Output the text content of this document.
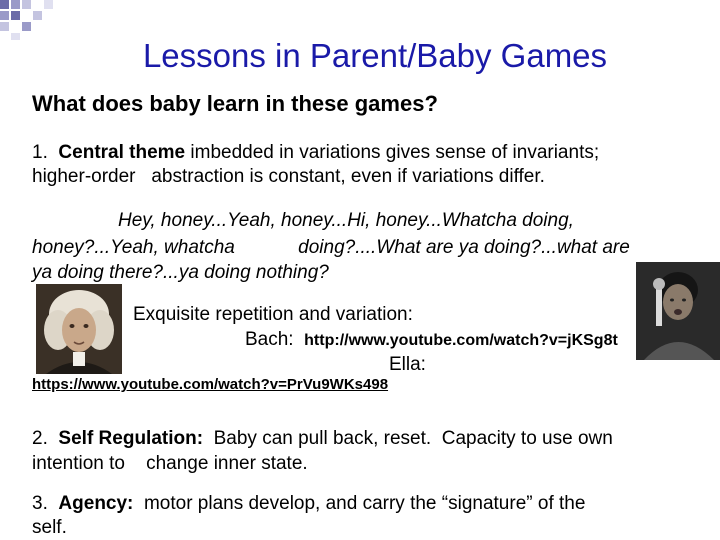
Lessons in Parent/Baby Games
What does baby learn in these games?
1. Central theme imbedded in variations gives sense of invariants;
higher-order   abstraction is constant, even if variations differ.
Hey, honey...Yeah, honey...Hi, honey...Whatcha doing,
honey?...Yeah, whatcha            doing?....What are ya doing?...what are
ya doing there?...ya doing nothing?
Exquisite repetition and variation:
Bach: http://www.youtube.com/watch?v=jKSg8t
Ella:
https://www.youtube.com/watch?v=PrVu9WKs498
2. Self Regulation:  Baby can pull back, reset.  Capacity to use own
intention to    change inner state.
3. Agency:  motor plans develop, and carry the “signature” of the
self.
